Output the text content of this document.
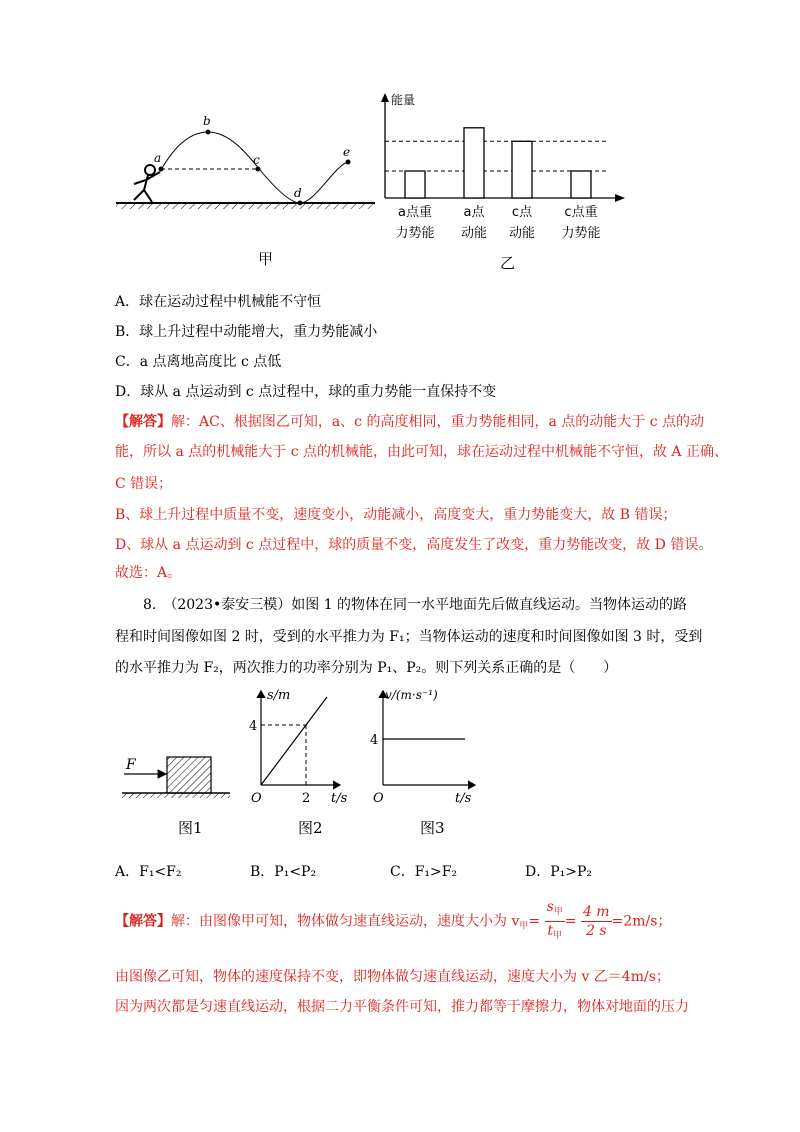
a
b
c
d
e
甲
能量
a点重
力势能
a点
动能
c点
动能
c点重
力势能
乙
A．球在运动过程中机械能不守恒
B．球上升过程中动能增大，重力势能减小
C．a 点离地高度比 c 点低
D．球从 a 点运动到 c 点过程中，球的重力势能一直保持不变
【解答】解：AC、根据图乙可知，a、c 的高度相同，重力势能相同，a 点的动能大于 c 点的动
能，所以 a 点的机械能大于 c 点的机械能，由此可知，球在运动过程中机械能不守恒，故 A 正确、
C 错误；
B、球上升过程中质量不变，速度变小，动能减小，高度变大，重力势能变大，故 B 错误；
D、球从 a 点运动到 c 点过程中，球的质量不变，高度发生了改变，重力势能改变，故 D 错误。
故选：A。
8.　（2023•泰安三模）如图 1 的物体在同一水平地面先后做直线运动。当物体运动的路
程和时间图像如图 2 时，受到的水平推力为 F₁；当物体运动的速度和时间图像如图 3 时，受到
的水平推力为 F₂，两次推力的功率分别为 P₁、P₂。则下列关系正确的是（　　）
F
图1
s/m
4
2
O	t/s
图2
v/(m·s⁻¹)
4
O	t/s
图3
A．F₁<F₂	B．P₁<P₂	C．F₁>F₂	D．P₁>P₂
【解答】解：由图像甲可知，物体做匀速直线运动，速度大小为 $v_甲= \frac{s_甲}{t_甲} = \frac{4 m}{2 s} =2m/s$；
由图像乙可知，物体的速度保持不变，即物体做匀速直线运动，速度大小为 v 乙＝4m/s；
因为两次都是匀速直线运动，根据二力平衡条件可知，推力都等于摩擦力，物体对地面的压力
